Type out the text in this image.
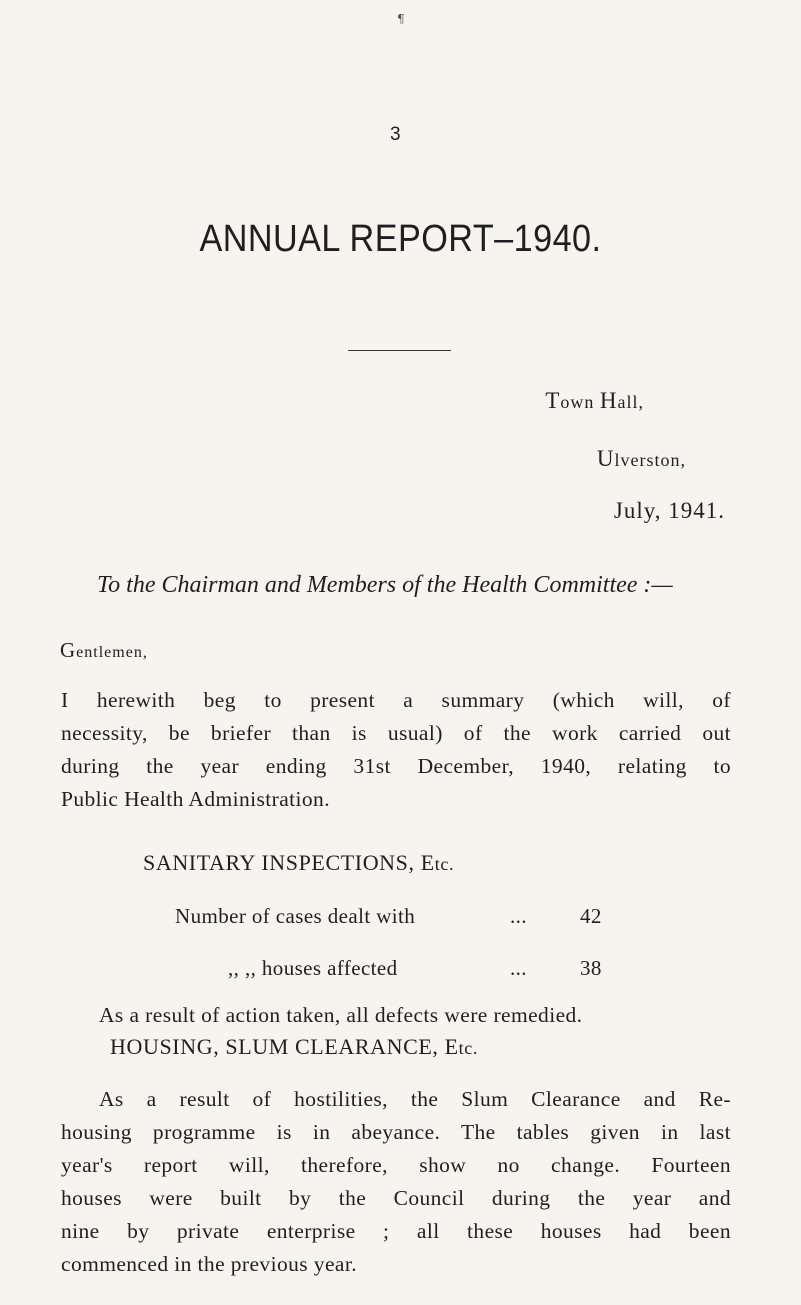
¶
3
ANNUAL REPORT–1940.
Town Hall,
Ulverston,
July, 1941.
To the Chairman and Members of the Health Committee :—
Gentlemen,
I herewith beg to present a summary (which will, of
necessity, be briefer than is usual) of the work carried out
during the year ending 31st December, 1940, relating to
Public Health Administration.
SANITARY INSPECTIONS, Etc.
Number of cases dealt with	...	42
,, ,, houses affected	...	38
As a result of action taken, all defects were remedied.
HOUSING, SLUM CLEARANCE, Etc.
As a result of hostilities, the Slum Clearance and Re-
housing programme is in abeyance. The tables given in last
year's report will, therefore, show no change. Fourteen
houses were built by the Council during the year and
nine by private enterprise ; all these houses had been
commenced in the previous year.
